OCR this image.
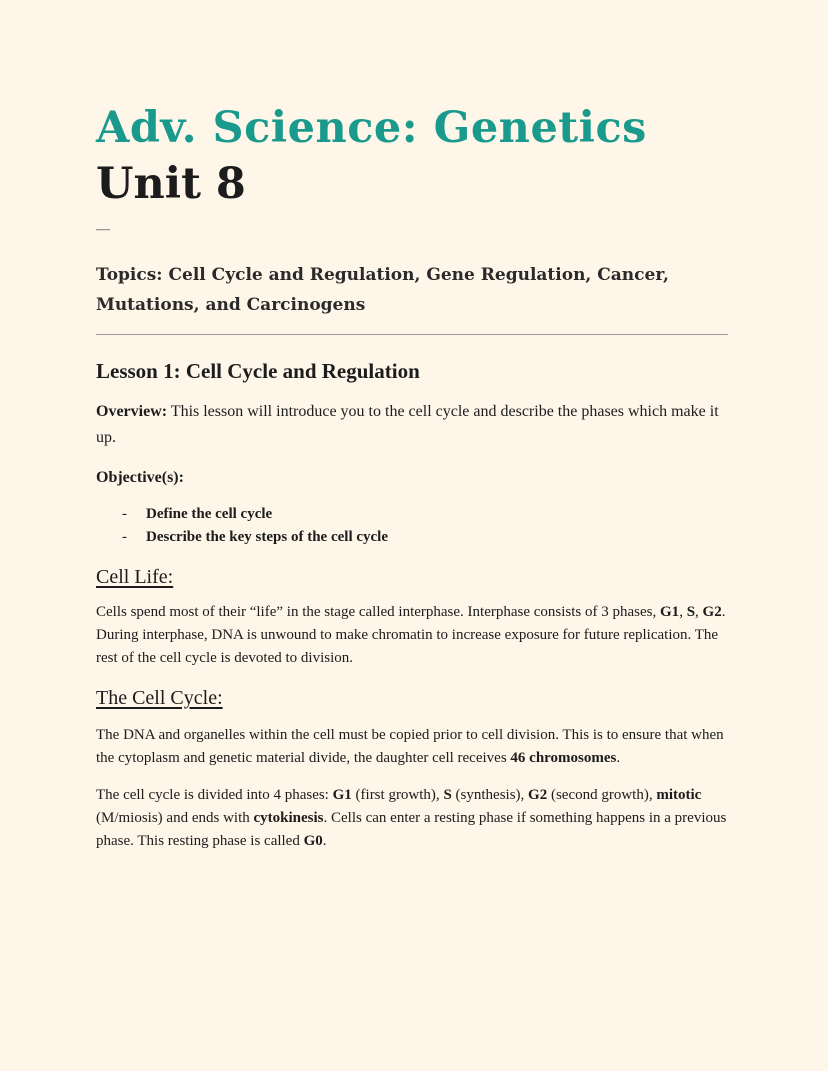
Adv. Science: Genetics
Unit 8
—
Topics: Cell Cycle and Regulation, Gene Regulation, Cancer, Mutations, and Carcinogens
Lesson 1: Cell Cycle and Regulation

Overview: This lesson will introduce you to the cell cycle and describe the phases which make it up.

Objective(s):
-	Define the cell cycle
-	Describe the key steps of the cell cycle
Cell Life:

Cells spend most of their “life” in the stage called interphase. Interphase consists of 3 phases, G1, S, G2. During interphase, DNA is unwound to make chromatin to increase exposure for future replication. The rest of the cell cycle is devoted to division.

The Cell Cycle:

The DNA and organelles within the cell must be copied prior to cell division. This is to ensure that when the cytoplasm and genetic material divide, the daughter cell receives 46 chromosomes.

The cell cycle is divided into 4 phases: G1 (first growth), S (synthesis), G2 (second growth), mitotic (M/miosis) and ends with cytokinesis. Cells can enter a resting phase if something happens in a previous phase. This resting phase is called G0.
